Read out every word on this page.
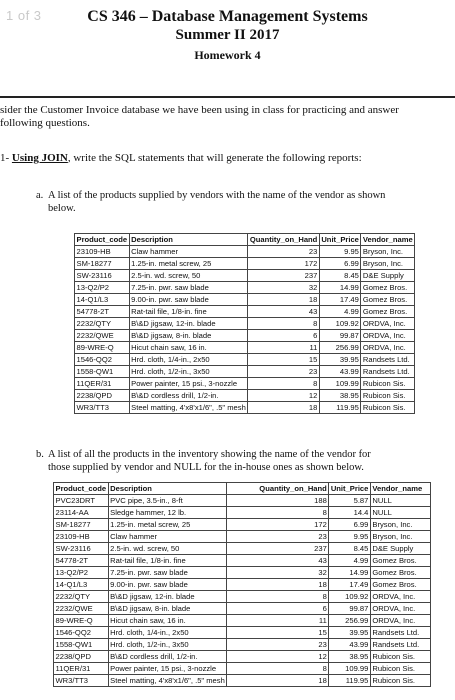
1 of 3	CS 346 – Database Management Systems
Summer II 2017
Homework 4
sider the Customer Invoice database we have been using in class for practicing and answer
following questions.
1- Using JOIN, write the SQL statements that will generate the following reports:
a. A list of the products supplied by vendors with the name of the vendor as shown
below.
Product_code	Description	Quantity_on_Hand	Unit_Price	Vendor_name
23109-HB	Claw hammer	23	9.95	Bryson, Inc.
SM-18277	1.25-in. metal screw, 25	172	6.99	Bryson, Inc.
SW-23116	2.5-in. wd. screw, 50	237	8.45	D&E Supply
13-Q2/P2	7.25-in. pwr. saw blade	32	14.99	Gomez Bros.
14-Q1/L3	9.00-in. pwr. saw blade	18	17.49	Gomez Bros.
54778-2T	Rat-tail file, 1/8-in. fine	43	4.99	Gomez Bros.
2232/QTY	B\&D jigsaw, 12-in. blade	8	109.92	ORDVA, Inc.
2232/QWE	B\&D jigsaw, 8-in. blade	6	99.87	ORDVA, Inc.
89-WRE-Q	Hicut chain saw, 16 in.	11	256.99	ORDVA, Inc.
1546-QQ2	Hrd. cloth, 1/4-in., 2x50	15	39.95	Randsets Ltd.
1558-QW1	Hrd. cloth, 1/2-in., 3x50	23	43.99	Randsets Ltd.
11QER/31	Power painter, 15 psi., 3-nozzle	8	109.99	Rubicon Sis.
2238/QPD	B\&D cordless drill, 1/2-in.	12	38.95	Rubicon Sis.
WR3/TT3	Steel matting, 4'x8'x1/6", .5" mesh	18	119.95	Rubicon Sis.
b. A list of all the products in the inventory showing the name of the vendor for
those supplied by vendor and NULL for the in-house ones as shown below.
Product_code	Description	Quantity_on_Hand	Unit_Price	Vendor_name
PVC23DRT	PVC pipe, 3.5-in., 8-ft	188	5.87	NULL
23114-AA	Sledge hammer, 12 lb.	8	14.4	NULL
SM-18277	1.25-in. metal screw, 25	172	6.99	Bryson, Inc.
23109-HB	Claw hammer	23	9.95	Bryson, Inc.
SW-23116	2.5-in. wd. screw, 50	237	8.45	D&E Supply
54778-2T	Rat-tail file, 1/8-in. fine	43	4.99	Gomez Bros.
13-Q2/P2	7.25-in. pwr. saw blade	32	14.99	Gomez Bros.
14-Q1/L3	9.00-in. pwr. saw blade	18	17.49	Gomez Bros.
2232/QTY	B\&D jigsaw, 12-in. blade	8	109.92	ORDVA, Inc.
2232/QWE	B\&D jigsaw, 8-in. blade	6	99.87	ORDVA, Inc.
89-WRE-Q	Hicut chain saw, 16 in.	11	256.99	ORDVA, Inc.
1546-QQ2	Hrd. cloth, 1/4-in., 2x50	15	39.95	Randsets Ltd.
1558-QW1	Hrd. cloth, 1/2-in., 3x50	23	43.99	Randsets Ltd.
2238/QPD	B\&D cordless drill, 1/2-in.	12	38.95	Rubicon Sis.
11QER/31	Power painter, 15 psi., 3-nozzle	8	109.99	Rubicon Sis.
WR3/TT3	Steel matting, 4'x8'x1/6", .5" mesh	18	119.95	Rubicon Sis.
